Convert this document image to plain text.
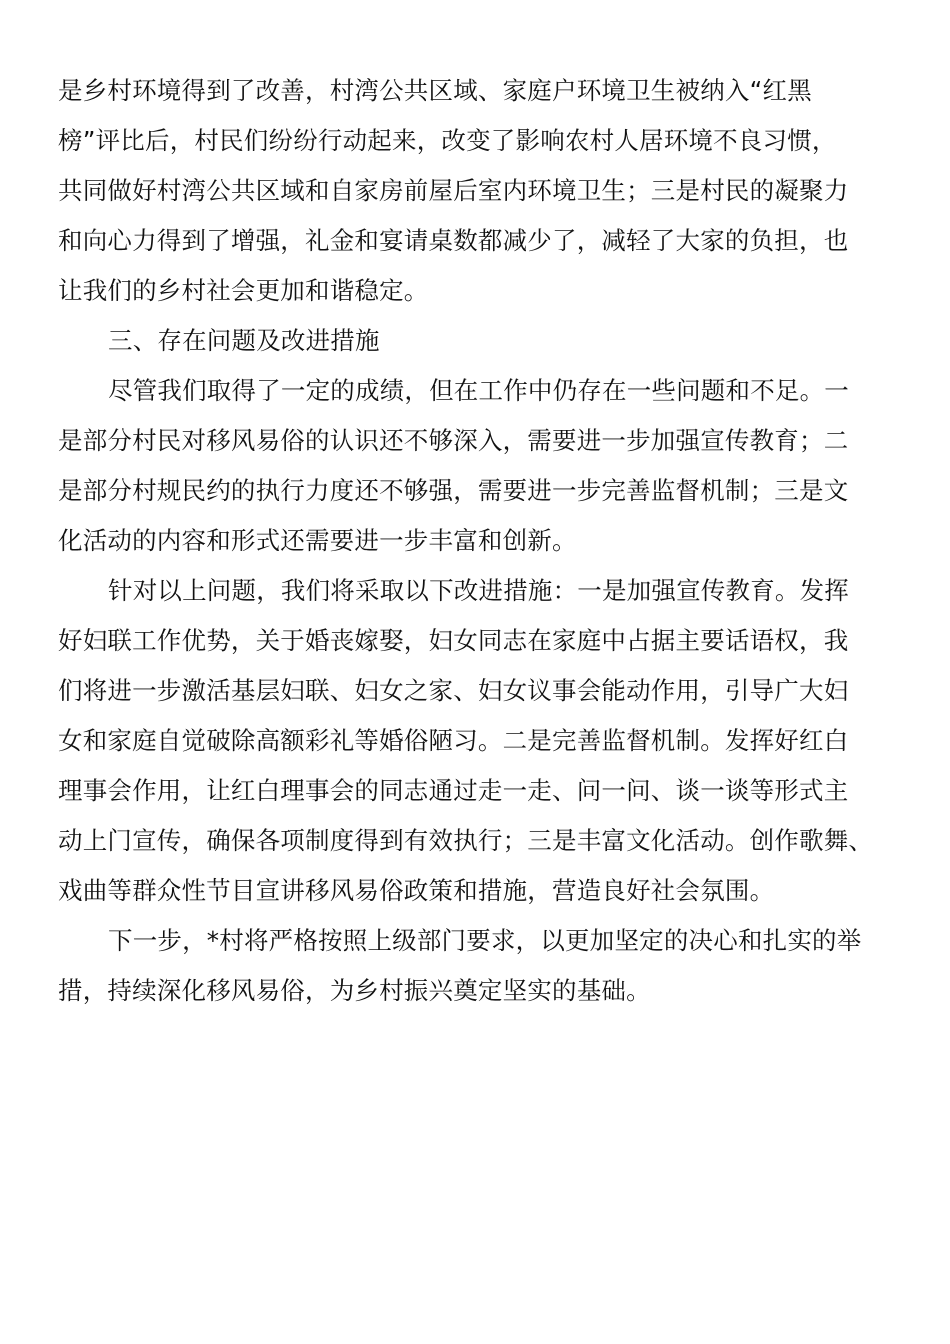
是乡村环境得到了改善，村湾公共区域、家庭户环境卫生被纳入“红黑
榜”评比后，村民们纷纷行动起来，改变了影响农村人居环境不良习惯，
共同做好村湾公共区域和自家房前屋后室内环境卫生；三是村民的凝聚力
和向心力得到了增强，礼金和宴请桌数都减少了，减轻了大家的负担，也
让我们的乡村社会更加和谐稳定。
三、存在问题及改进措施
尽管我们取得了一定的成绩，但在工作中仍存在一些问题和不足。一
是部分村民对移风易俗的认识还不够深入，需要进一步加强宣传教育；二
是部分村规民约的执行力度还不够强，需要进一步完善监督机制；三是文
化活动的内容和形式还需要进一步丰富和创新。
针对以上问题，我们将采取以下改进措施：一是加强宣传教育。发挥
好妇联工作优势，关于婚丧嫁娶，妇女同志在家庭中占据主要话语权，我
们将进一步激活基层妇联、妇女之家、妇女议事会能动作用，引导广大妇
女和家庭自觉破除高额彩礼等婚俗陋习。二是完善监督机制。发挥好红白
理事会作用，让红白理事会的同志通过走一走、问一问、谈一谈等形式主
动上门宣传，确保各项制度得到有效执行；三是丰富文化活动。创作歌舞、
戏曲等群众性节目宣讲移风易俗政策和措施，营造良好社会氛围。
下一步，*村将严格按照上级部门要求，以更加坚定的决心和扎实的举
措，持续深化移风易俗，为乡村振兴奠定坚实的基础。
